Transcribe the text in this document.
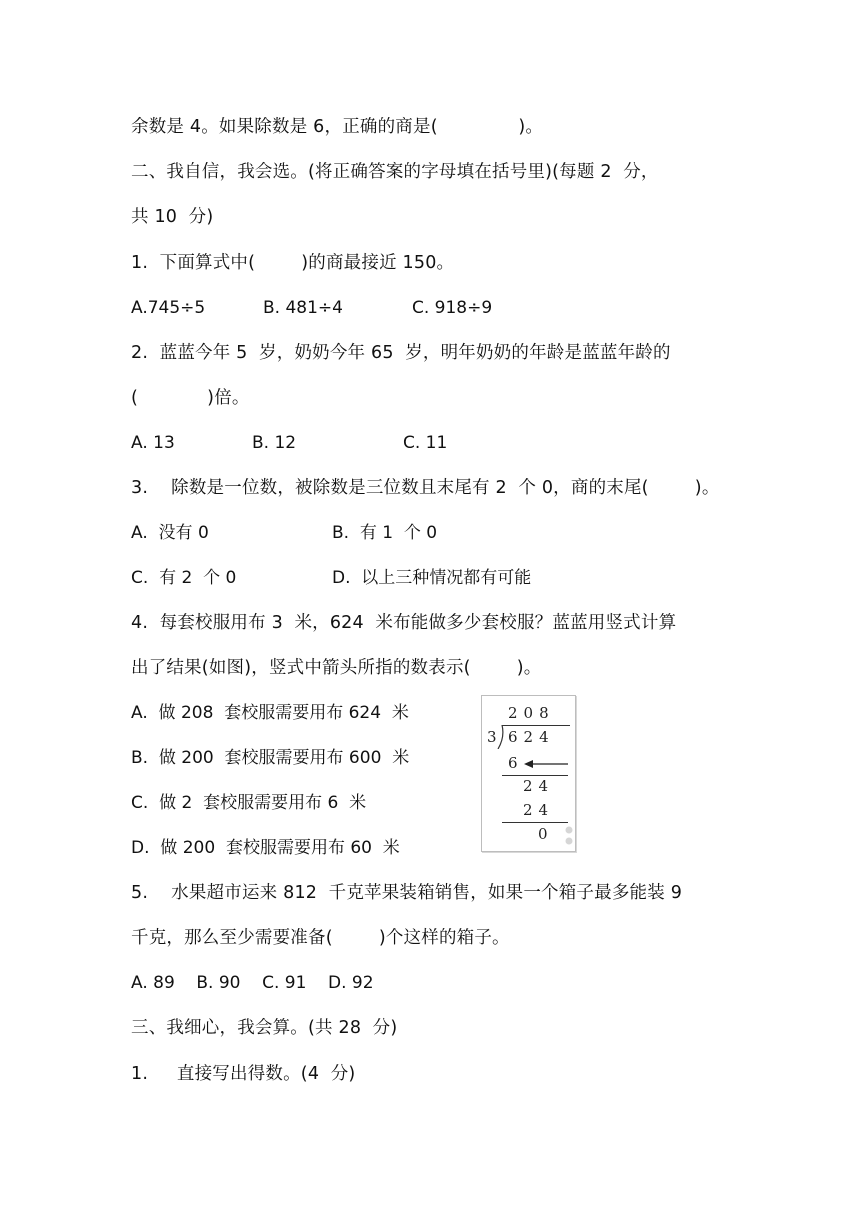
余数是 4。如果除数是 6，正确的商是(              )。
二、我自信，我会选。(将正确答案的字母填在括号里)(每题 2  分，
共 10  分)
1.  下面算式中(        )的商最接近 150。
A.745÷5	B. 481÷4	C. 918÷9
2.  蓝蓝今年 5  岁，奶奶今年 65  岁，明年奶奶的年龄是蓝蓝年龄的
(            )倍。
A. 13	B. 12	C. 11
3.    除数是一位数，被除数是三位数且末尾有 2  个 0，商的末尾(        )。
A.  没有 0	B.  有 1  个 0
C.  有 2  个 0	D.  以上三种情况都有可能
4.  每套校服用布 3  米，624  米布能做多少套校服？蓝蓝用竖式计算
出了结果(如图)，竖式中箭头所指的数表示(        )。
A.  做 208  套校服需要用布 624  米
B.  做 200  套校服需要用布 600  米
C.  做 2  套校服需要用布 6  米
D.  做 200  套校服需要用布 60  米
208
3 624
6
24
24
0
5.    水果超市运来 812  千克苹果装箱销售，如果一个箱子最多能装 9
千克，那么至少需要准备(        )个这样的箱子。
A. 89    B. 90    C. 91    D. 92
三、我细心，我会算。(共 28  分)
1.     直接写出得数。(4  分)
